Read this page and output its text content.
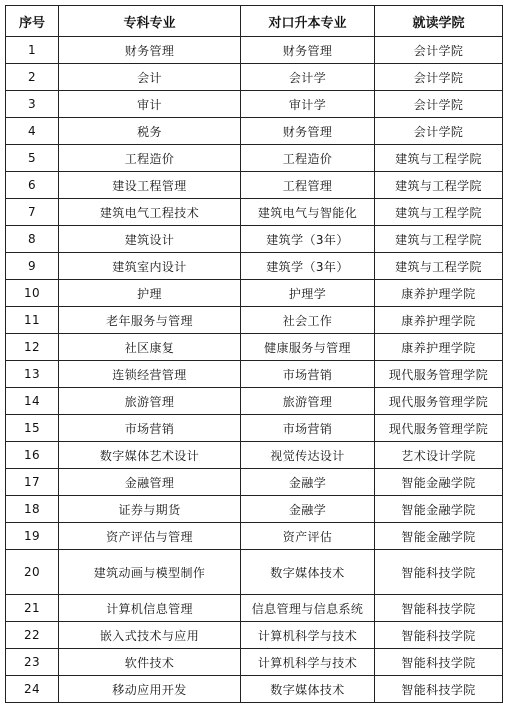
序号	专科专业	对口升本专业	就读学院
1	财务管理	财务管理	会计学院
2	会计	会计学	会计学院
3	审计	审计学	会计学院
4	税务	财务管理	会计学院
5	工程造价	工程造价	建筑与工程学院
6	建设工程管理	工程管理	建筑与工程学院
7	建筑电气工程技术	建筑电气与智能化	建筑与工程学院
8	建筑设计	建筑学（3年）	建筑与工程学院
9	建筑室内设计	建筑学（3年）	建筑与工程学院
10	护理	护理学	康养护理学院
11	老年服务与管理	社会工作	康养护理学院
12	社区康复	健康服务与管理	康养护理学院
13	连锁经营管理	市场营销	现代服务管理学院
14	旅游管理	旅游管理	现代服务管理学院
15	市场营销	市场营销	现代服务管理学院
16	数字媒体艺术设计	视觉传达设计	艺术设计学院
17	金融管理	金融学	智能金融学院
18	证券与期货	金融学	智能金融学院
19	资产评估与管理	资产评估	智能金融学院
20	建筑动画与模型制作	数字媒体技术	智能科技学院
21	计算机信息管理	信息管理与信息系统	智能科技学院
22	嵌入式技术与应用	计算机科学与技术	智能科技学院
23	软件技术	计算机科学与技术	智能科技学院
24	移动应用开发	数字媒体技术	智能科技学院
